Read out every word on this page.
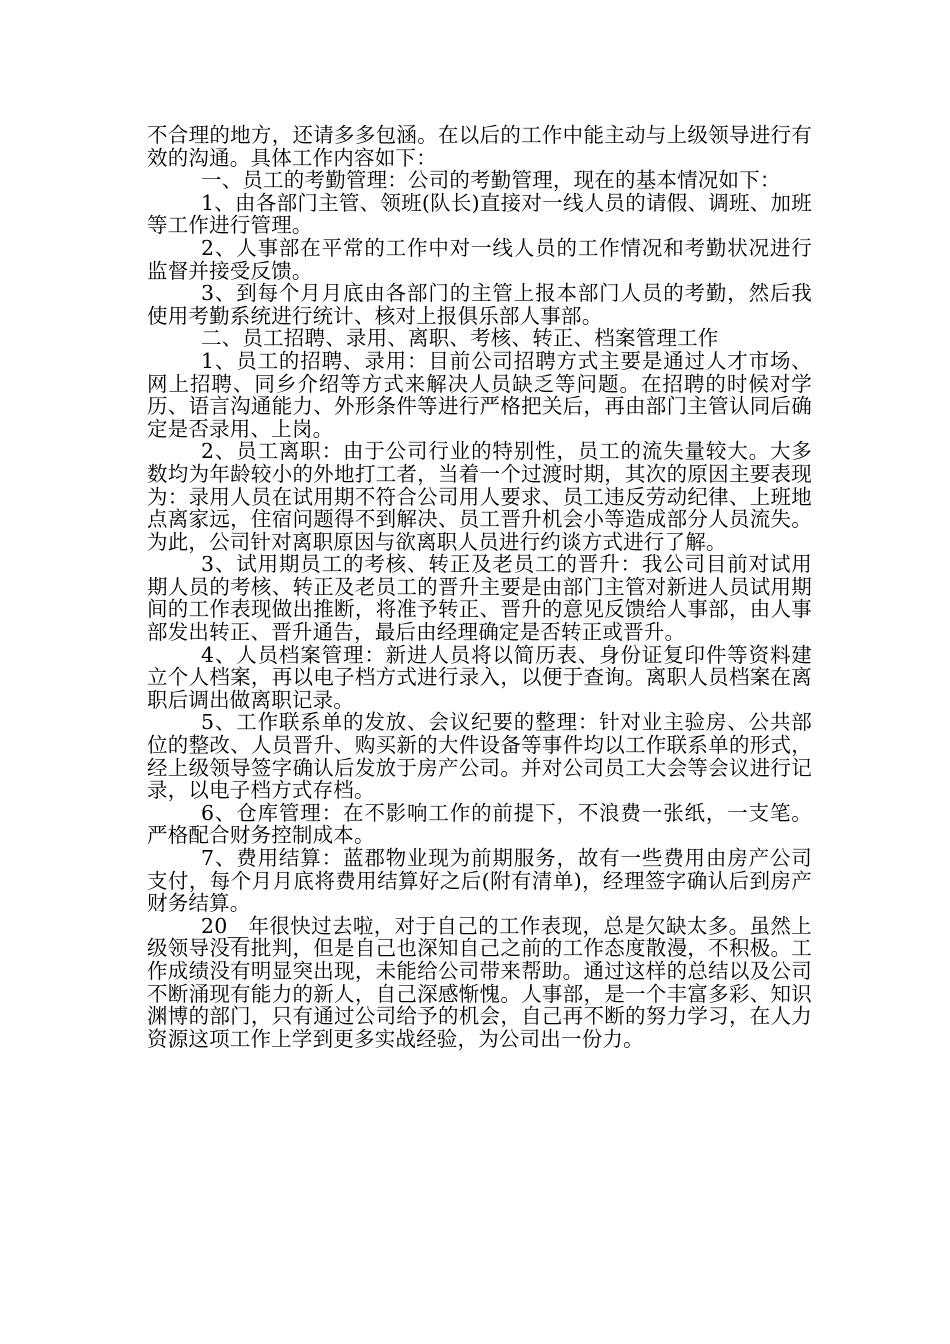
不合理的地方，还请多多包涵。在以后的工作中能主动与上级领导进行有效的沟通。具体工作内容如下：

一、员工的考勤管理：公司的考勤管理，现在的基本情况如下：

1、由各部门主管、领班(队长)直接对一线人员的请假、调班、加班等工作进行管理。

2、人事部在平常的工作中对一线人员的工作情况和考勤状况进行监督并接受反馈。

3、到每个月月底由各部门的主管上报本部门人员的考勤，然后我使用考勤系统进行统计、核对上报俱乐部人事部。

二、员工招聘、录用、离职、考核、转正、档案管理工作

1、员工的招聘、录用：目前公司招聘方式主要是通过人才市场、网上招聘、同乡介绍等方式来解决人员缺乏等问题。在招聘的时候对学历、语言沟通能力、外形条件等进行严格把关后，再由部门主管认同后确定是否录用、上岗。

2、员工离职：由于公司行业的特别性，员工的流失量较大。大多数均为年龄较小的外地打工者，当着一个过渡时期，其次的原因主要表现为：录用人员在试用期不符合公司用人要求、员工违反劳动纪律、上班地点离家远，住宿问题得不到解决、员工晋升机会小等造成部分人员流失。为此，公司针对离职原因与欲离职人员进行约谈方式进行了解。

3、试用期员工的考核、转正及老员工的晋升：我公司目前对试用期人员的考核、转正及老员工的晋升主要是由部门主管对新进人员试用期间的工作表现做出推断，将准予转正、晋升的意见反馈给人事部，由人事部发出转正、晋升通告，最后由经理确定是否转正或晋升。

4、人员档案管理：新进人员将以简历表、身份证复印件等资料建立个人档案，再以电子档方式进行录入，以便于查询。离职人员档案在离职后调出做离职记录。

5、工作联系单的发放、会议纪要的整理：针对业主验房、公共部位的整改、人员晋升、购买新的大件设备等事件均以工作联系单的形式，经上级领导签字确认后发放于房产公司。并对公司员工大会等会议进行记录，以电子档方式存档。

6、仓库管理：在不影响工作的前提下，不浪费一张纸，一支笔。严格配合财务控制成本。

7、费用结算：蓝郡物业现为前期服务，故有一些费用由房产公司支付，每个月月底将费用结算好之后(附有清单)，经理签字确认后到房产财务结算。

20__年很快过去啦，对于自己的工作表现，总是欠缺太多。虽然上级领导没有批判，但是自己也深知自己之前的工作态度散漫，不积极。工作成绩没有明显突出现，未能给公司带来帮助。通过这样的总结以及公司不断涌现有能力的新人，自己深感惭愧。人事部，是一个丰富多彩、知识渊博的部门，只有通过公司给予的机会，自己再不断的努力学习，在人力资源这项工作上学到更多实战经验，为公司出一份力。
